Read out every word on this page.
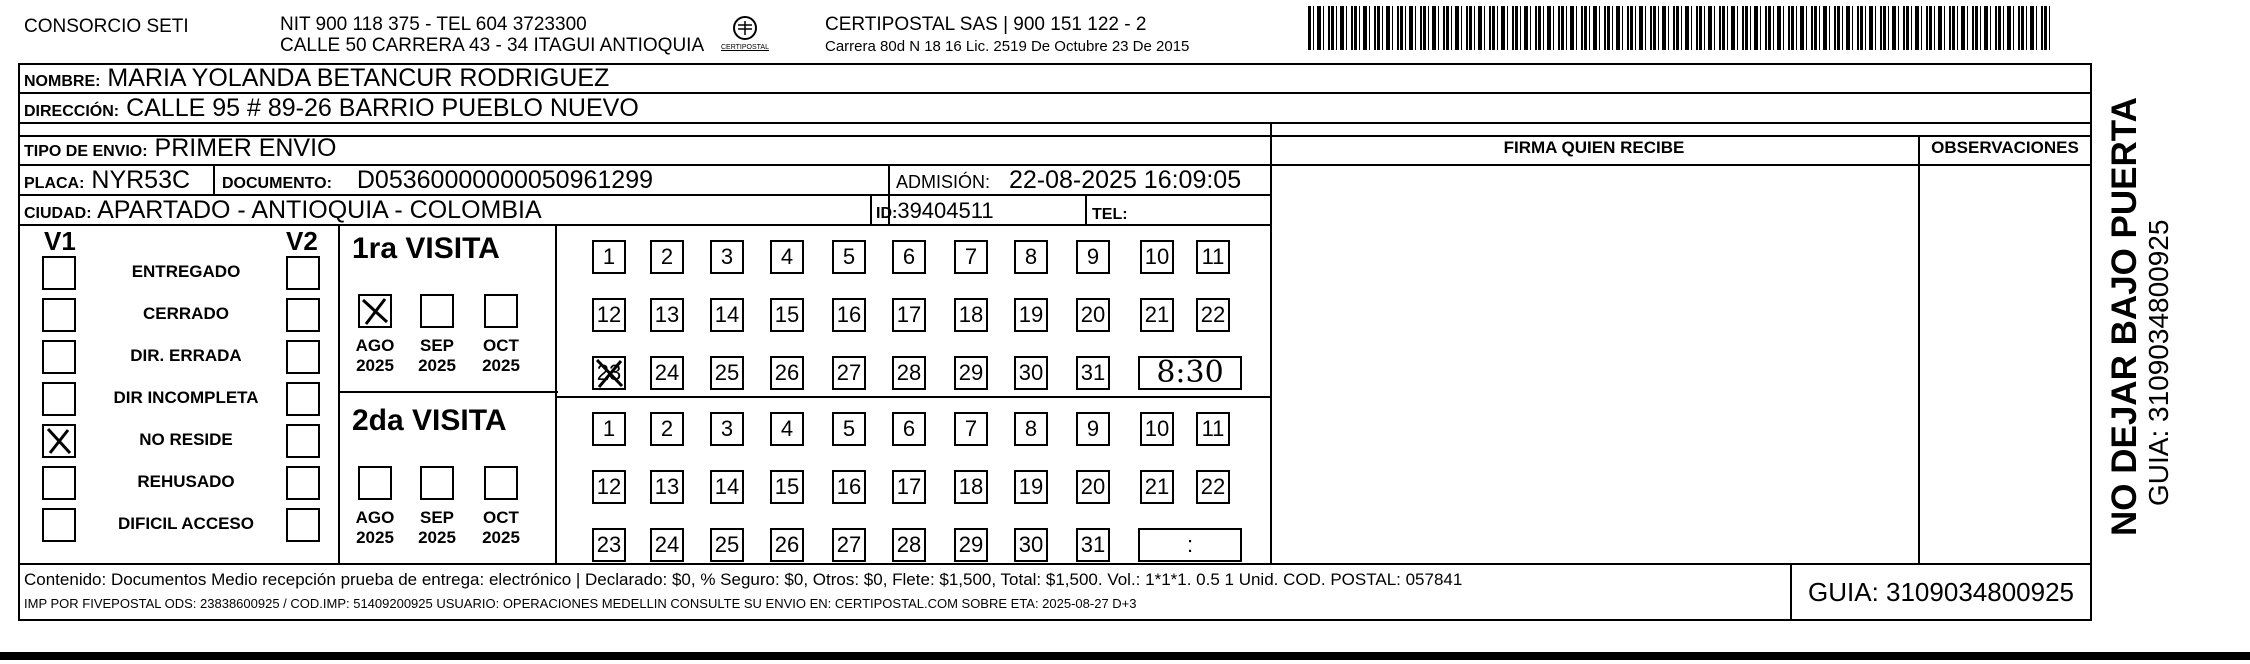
CONSORCIO SETI	NIT 900 118 375 - TEL 604 3723300
CALLE 50 CARRERA 43 - 34 ITAGUI ANTIOQUIA CERTIPOSTAL
CERTIPOSTAL SAS | 900 151 122 - 2
Carrera 80d N 18 16 Lic. 2519 De Octubre 23 De 2015
NOMBRE: MARIA YOLANDA BETANCUR RODRIGUEZ
DIRECCIÓN: CALLE 95 # 89-26 BARRIO PUEBLO NUEVO
TIPO DE ENVIO: PRIMER ENVIO
PLACA: NYR53C DOCUMENTO: D05360000000050961299	ADMISIÓN: 22-08-2025 16:09:05
CIUDAD: APARTADO - ANTIOQUIA - COLOMBIA	ID:39404511	TEL:
FIRMA QUIEN RECIBE	OBSERVACIONES
V1	V2
ENTREGADO
CERRADO
DIR. ERRADA
DIR INCOMPLETA
NO RESIDE
REHUSADO
DIFICIL ACCESO
1ra VISITA
AGO
2025
SEP
2025
OCT
2025
1	2	3	4	5	6	7	8	9	10 11
12 13 14 15 16 17 18 19 20 21 22
23 24 25 26 27 28 29 30 31	8:30
2da VISITA
AGO
2025
SEP
2025
OCT
2025
1	2	3	4	5	6	7	8	9	10 11
12 13 14 15 16 17 18 19 20 21 22
23 24 25 26 27 28 29 30 31	:
Contenido: Documentos Medio recepción prueba de entrega: electrónico | Declarado: $0, % Seguro: $0, Otros: $0, Flete: $1,500, Total: $1,500. Vol.: 1*1*1. 0.5 1 Unid. COD. POSTAL: 057841
IMP POR FIVEPOSTAL ODS: 23838600925 / COD.IMP: 51409200925 USUARIO: OPERACIONES MEDELLIN CONSULTE SU ENVIO EN: CERTIPOSTAL.COM SOBRE ETA: 2025-08-27 D+3	GUIA: 3109034800925
NO DEJAR BAJO PUERTA GUIA: 3109034800925
